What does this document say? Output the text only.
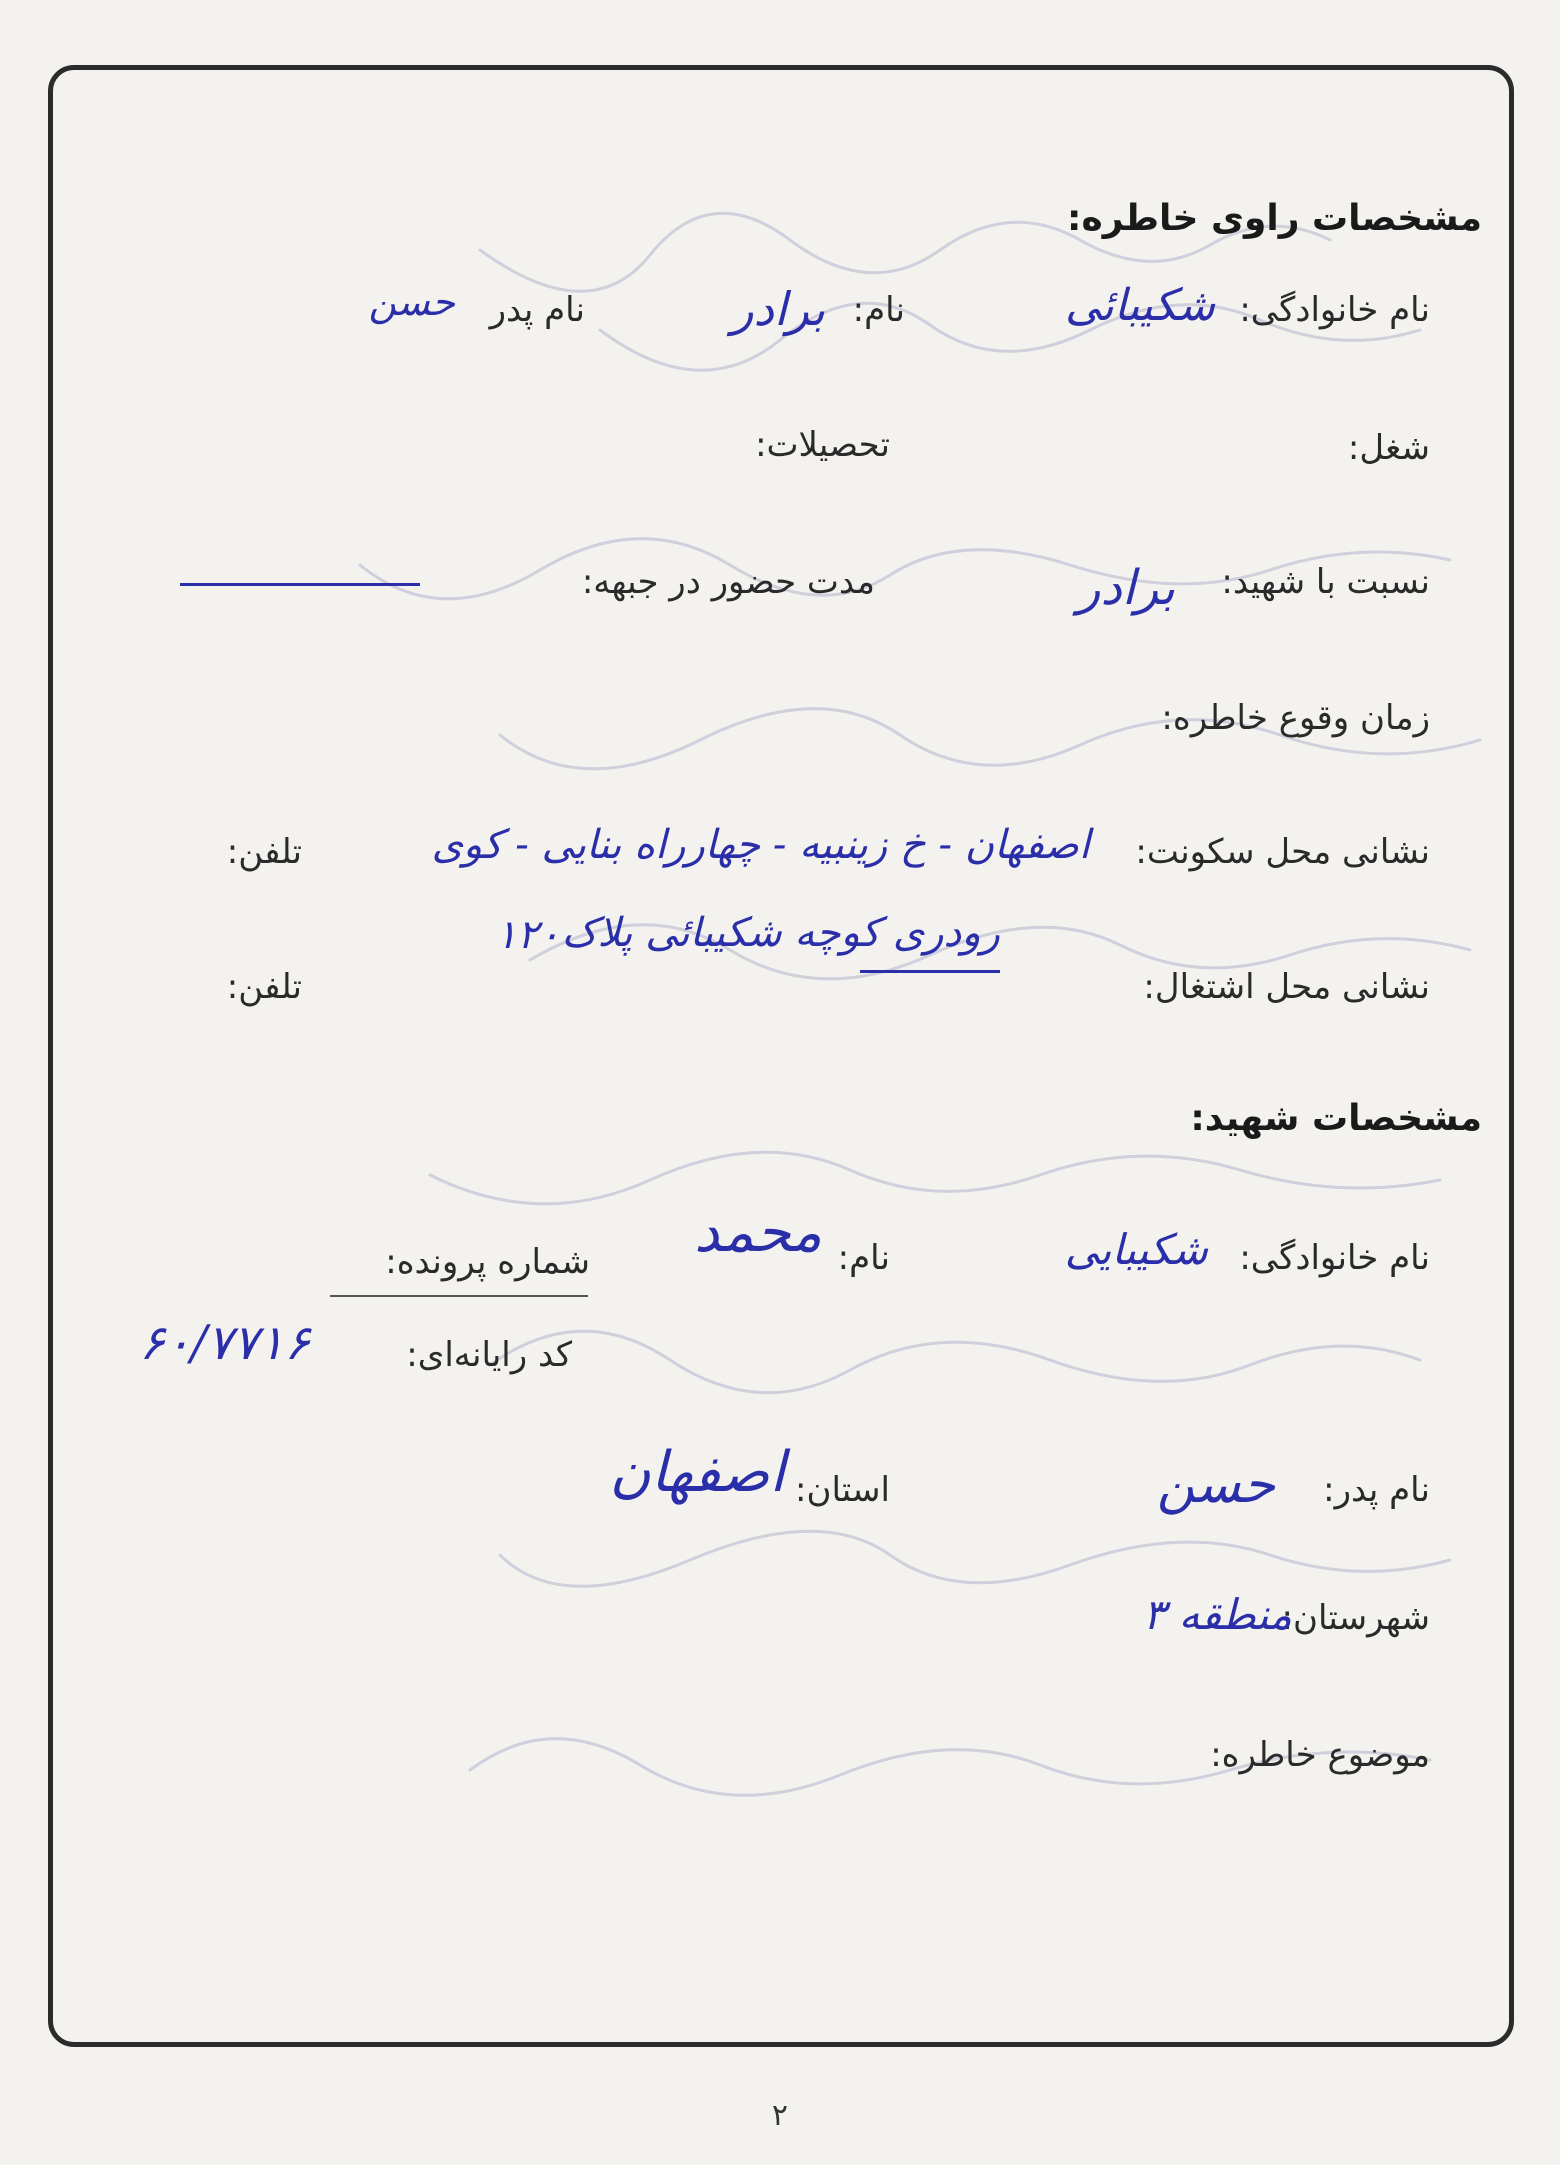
مشخصات راوی خاطره:
نام خانوادگی:
شکیبائی
نام:
برادر
نام پدر
حسن
شغل:
تحصیلات:
نسبت با شهید:
برادر
مدت حضور در جبهه:
زمان وقوع خاطره:
نشانی محل سکونت:
اصفهان - خ زینبیه - چهارراه بنایی - کوی
تلفن:
رودری کوچه شکیبائی پلاک
۱۲۰
نشانی محل اشتغال:
تلفن:
مشخصات شهید:
نام خانوادگی:
شکیبایی
نام:
محمد
شماره پرونده:
کد رایانه‌ای:
۶۰/۷۷۱۶
نام پدر:
حسن
استان:
اصفهان
شهرستان:
منطقه ۳
موضوع خاطره:
۲
